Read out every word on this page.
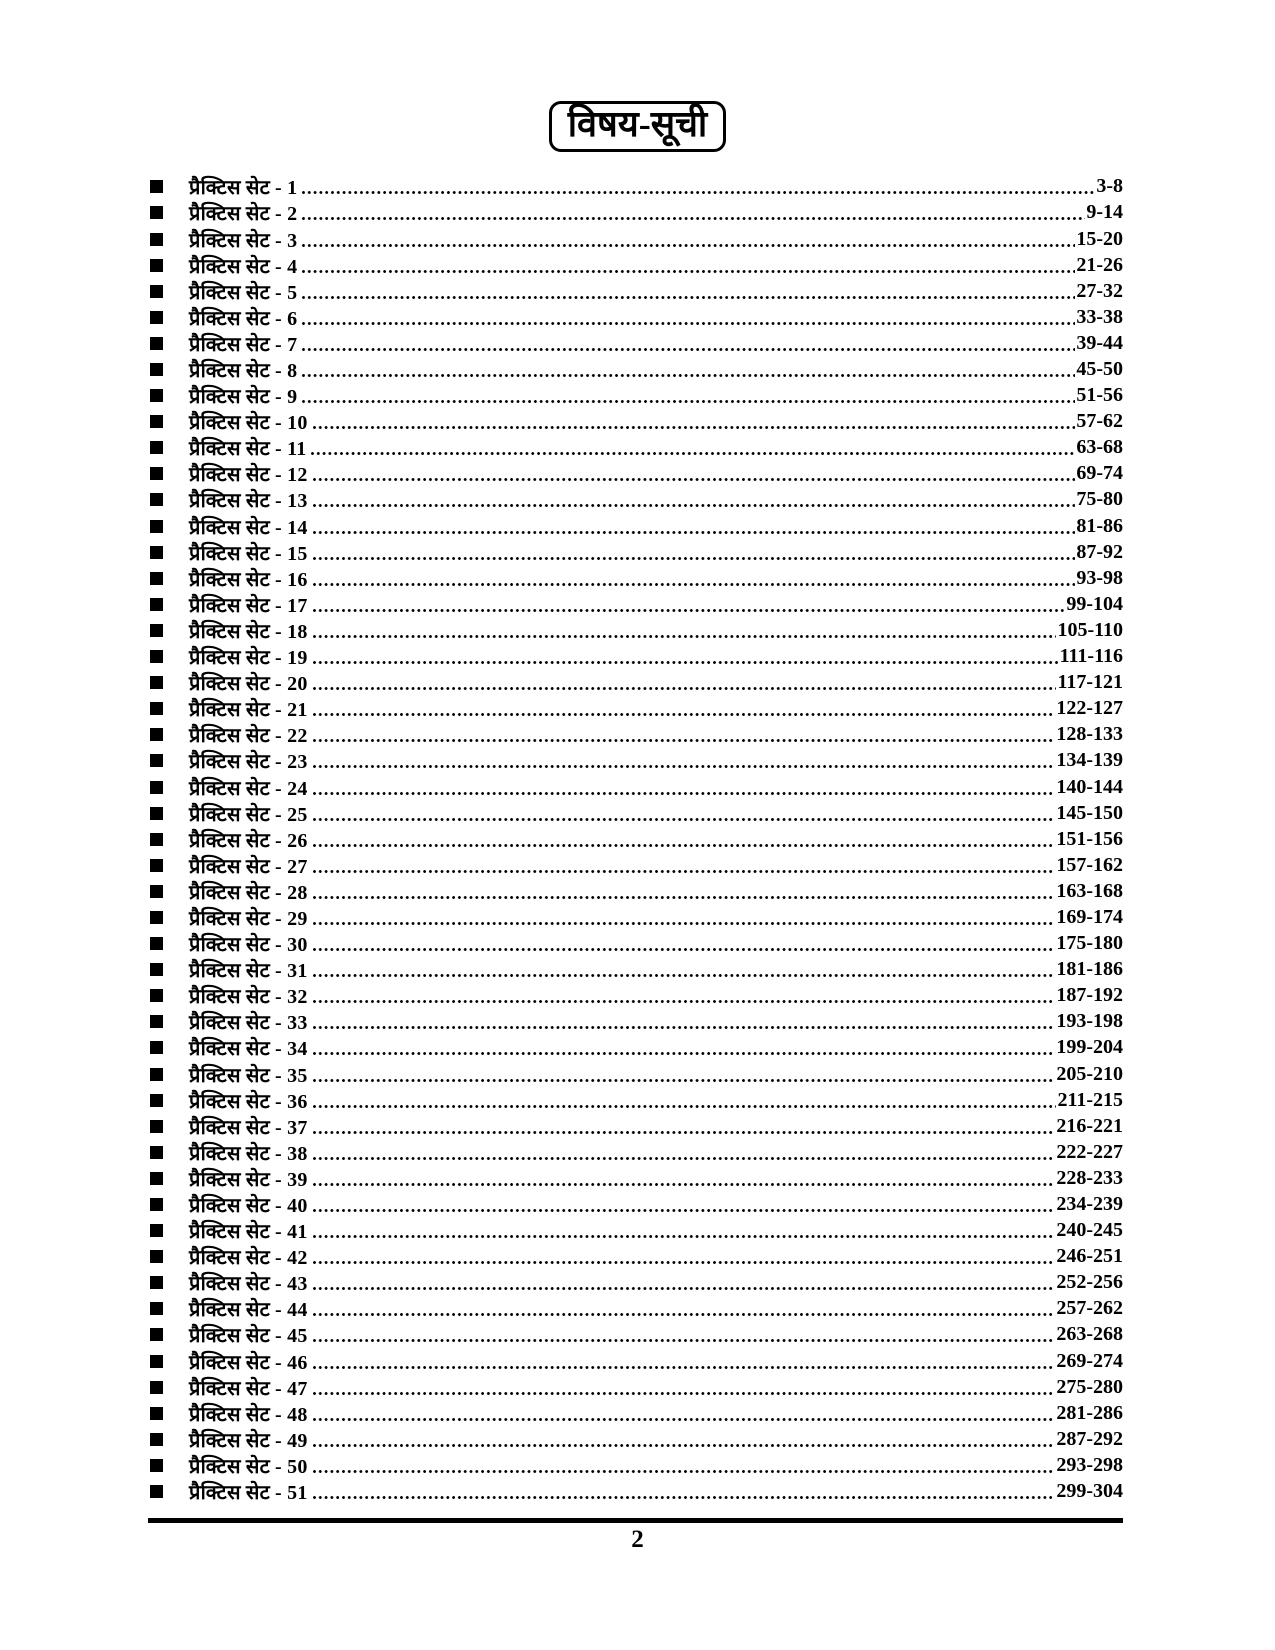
विषय-सूची
प्रैक्टिस सेट - 1	3-8
प्रैक्टिस सेट - 2	9-14
प्रैक्टिस सेट - 3	15-20
प्रैक्टिस सेट - 4	21-26
प्रैक्टिस सेट - 5	27-32
प्रैक्टिस सेट - 6	33-38
प्रैक्टिस सेट - 7	39-44
प्रैक्टिस सेट - 8	45-50
प्रैक्टिस सेट - 9	51-56
प्रैक्टिस सेट - 10	57-62
प्रैक्टिस सेट - 11	63-68
प्रैक्टिस सेट - 12	69-74
प्रैक्टिस सेट - 13	75-80
प्रैक्टिस सेट - 14	81-86
प्रैक्टिस सेट - 15	87-92
प्रैक्टिस सेट - 16	93-98
प्रैक्टिस सेट - 17	99-104
प्रैक्टिस सेट - 18	105-110
प्रैक्टिस सेट - 19	111-116
प्रैक्टिस सेट - 20	117-121
प्रैक्टिस सेट - 21	122-127
प्रैक्टिस सेट - 22	128-133
प्रैक्टिस सेट - 23	134-139
प्रैक्टिस सेट - 24	140-144
प्रैक्टिस सेट - 25	145-150
प्रैक्टिस सेट - 26	151-156
प्रैक्टिस सेट - 27	157-162
प्रैक्टिस सेट - 28	163-168
प्रैक्टिस सेट - 29	169-174
प्रैक्टिस सेट - 30	175-180
प्रैक्टिस सेट - 31	181-186
प्रैक्टिस सेट - 32	187-192
प्रैक्टिस सेट - 33	193-198
प्रैक्टिस सेट - 34	199-204
प्रैक्टिस सेट - 35	205-210
प्रैक्टिस सेट - 36	211-215
प्रैक्टिस सेट - 37	216-221
प्रैक्टिस सेट - 38	222-227
प्रैक्टिस सेट - 39	228-233
प्रैक्टिस सेट - 40	234-239
प्रैक्टिस सेट - 41	240-245
प्रैक्टिस सेट - 42	246-251
प्रैक्टिस सेट - 43	252-256
प्रैक्टिस सेट - 44	257-262
प्रैक्टिस सेट - 45	263-268
प्रैक्टिस सेट - 46	269-274
प्रैक्टिस सेट - 47	275-280
प्रैक्टिस सेट - 48	281-286
प्रैक्टिस सेट - 49	287-292
प्रैक्टिस सेट - 50	293-298
प्रैक्टिस सेट - 51	299-304
2
